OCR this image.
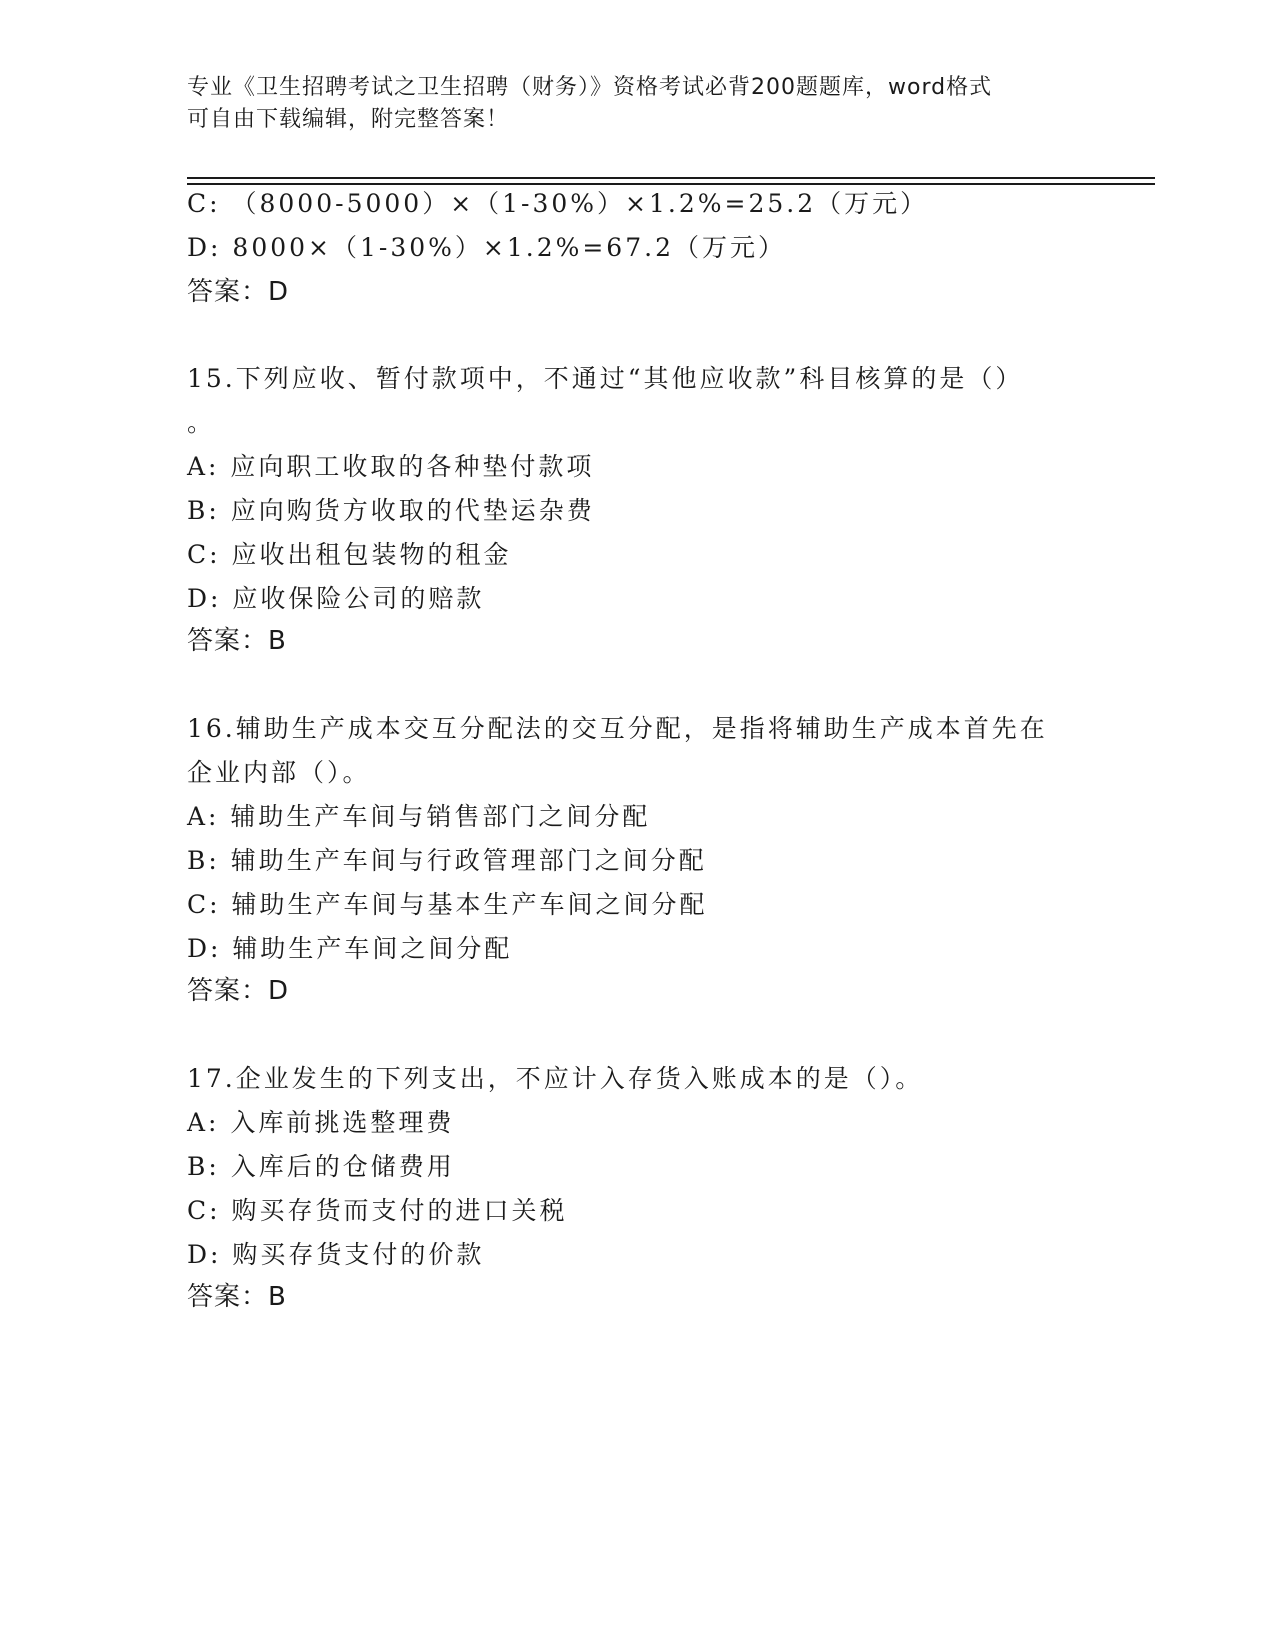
专业《卫生招聘考试之卫生招聘（财务）》资格考试必背200题题库，word格式
可自由下载编辑，附完整答案！
C: （8000-5000）×（1-30%）×1.2%=25.2（万元）
D: 8000×（1-30%）×1.2%=67.2（万元）
答案：D
15.下列应收、暂付款项中，不通过“其他应收款”科目核算的是（）
。
A: 应向职工收取的各种垫付款项
B: 应向购货方收取的代垫运杂费
C: 应收出租包装物的租金
D: 应收保险公司的赔款
答案：B
16.辅助生产成本交互分配法的交互分配，是指将辅助生产成本首先在
企业内部（）。
A: 辅助生产车间与销售部门之间分配
B: 辅助生产车间与行政管理部门之间分配
C: 辅助生产车间与基本生产车间之间分配
D: 辅助生产车间之间分配
答案：D
17.企业发生的下列支出，不应计入存货入账成本的是（）。
A: 入库前挑选整理费
B: 入库后的仓储费用
C: 购买存货而支付的进口关税
D: 购买存货支付的价款
答案：B
